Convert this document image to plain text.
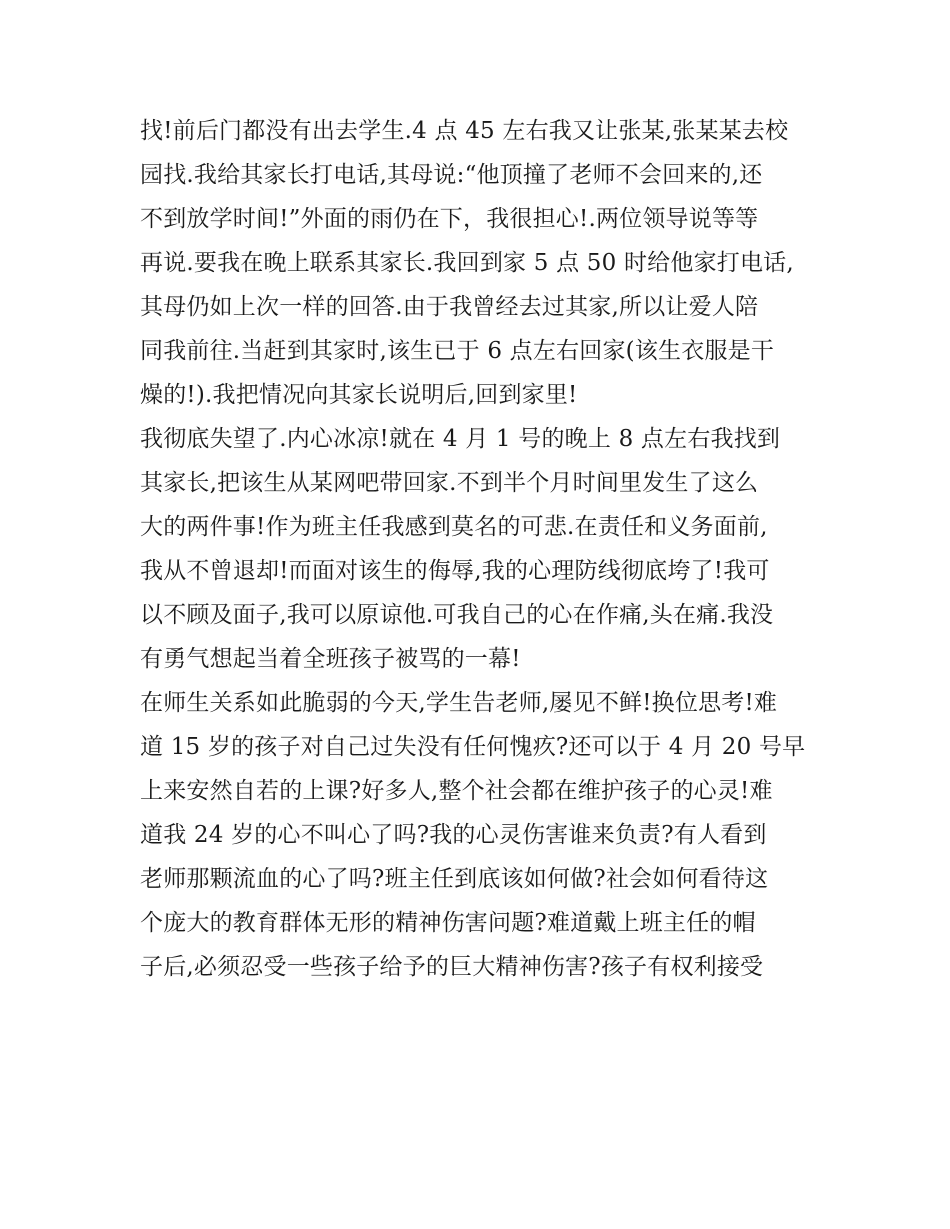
找!前后门都没有出去学生.4 点 45 左右我又让张某,张某某去校
园找.我给其家长打电话,其母说:“他顶撞了老师不会回来的,还
不到放学时间!”外面的雨仍在下，我很担心!.两位领导说等等
再说.要我在晚上联系其家长.我回到家 5 点 50 时给他家打电话,
其母仍如上次一样的回答.由于我曾经去过其家,所以让爱人陪
同我前往.当赶到其家时,该生已于 6 点左右回家(该生衣服是干
燥的!).我把情况向其家长说明后,回到家里!
我彻底失望了.内心冰凉!就在 4 月 1 号的晚上 8 点左右我找到
其家长,把该生从某网吧带回家.不到半个月时间里发生了这么
大的两件事!作为班主任我感到莫名的可悲.在责任和义务面前,
我从不曾退却!而面对该生的侮辱,我的心理防线彻底垮了!我可
以不顾及面子,我可以原谅他.可我自己的心在作痛,头在痛.我没
有勇气想起当着全班孩子被骂的一幕!
在师生关系如此脆弱的今天,学生告老师,屡见不鲜!换位思考!难
道 15 岁的孩子对自己过失没有任何愧疚?还可以于 4 月 20 号早
上来安然自若的上课?好多人,整个社会都在维护孩子的心灵!难
道我 24 岁的心不叫心了吗?我的心灵伤害谁来负责?有人看到
老师那颗流血的心了吗?班主任到底该如何做?社会如何看待这
个庞大的教育群体无形的精神伤害问题?难道戴上班主任的帽
子后,必须忍受一些孩子给予的巨大精神伤害?孩子有权利接受
